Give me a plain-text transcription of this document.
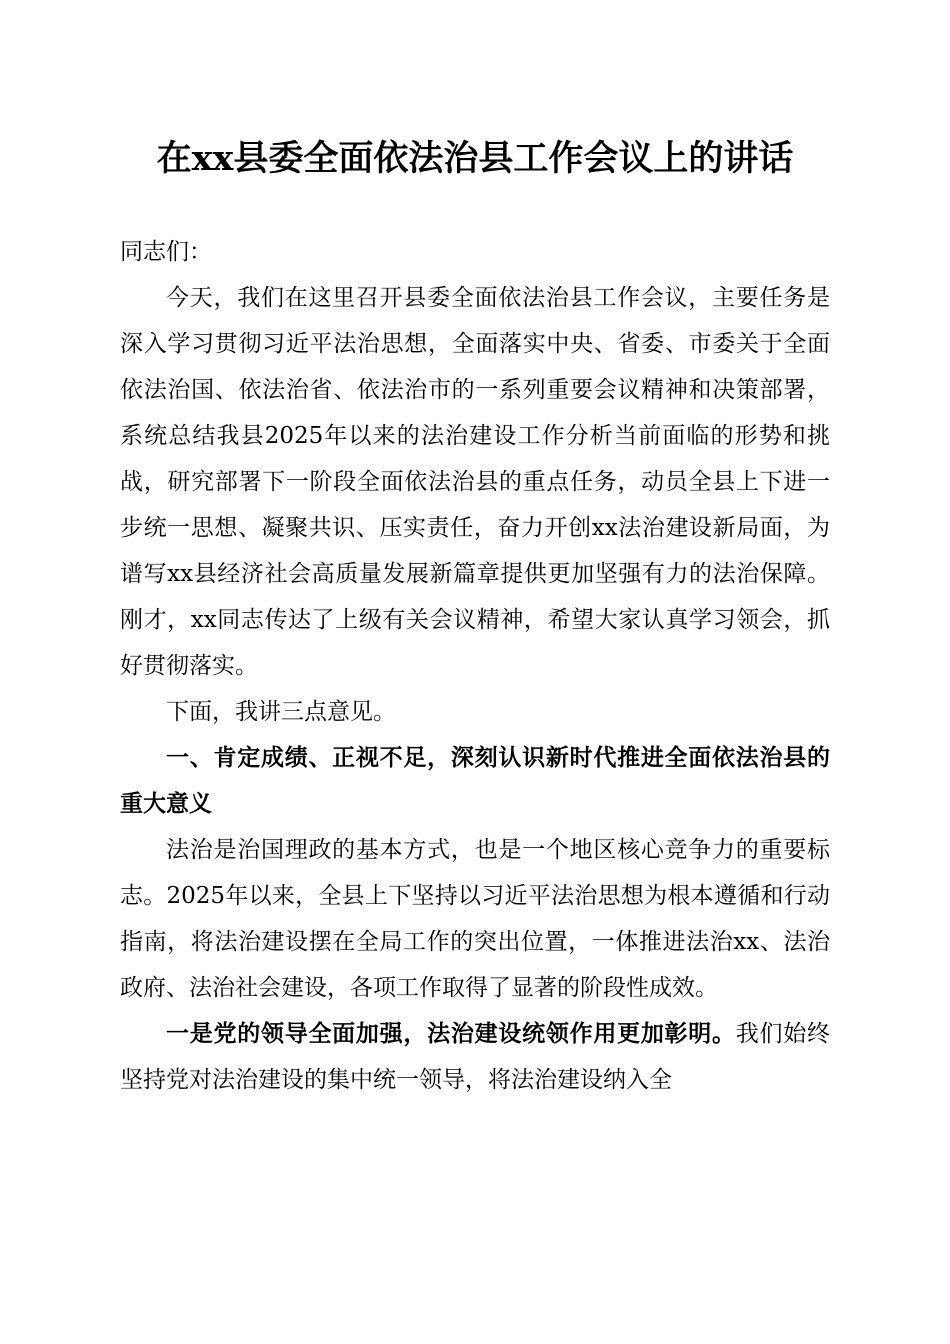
在xx县委全面依法治县工作会议上的讲话

同志们：

今天，我们在这里召开县委全面依法治县工作会议，主要任务是深入学习贯彻习近平法治思想，全面落实中央、省委、市委关于全面依法治国、依法治省、依法治市的一系列重要会议精神和决策部署，系统总结我县2025年以来的法治建设工作分析当前面临的形势和挑战，研究部署下一阶段全面依法治县的重点任务，动员全县上下进一步统一思想、凝聚共识、压实责任，奋力开创xx法治建设新局面，为谱写xx县经济社会高质量发展新篇章提供更加坚强有力的法治保障。刚才，xx同志传达了上级有关会议精神，希望大家认真学习领会，抓好贯彻落实。

下面，我讲三点意见。

一、肯定成绩、正视不足，深刻认识新时代推进全面依法治县的重大意义

法治是治国理政的基本方式，也是一个地区核心竞争力的重要标志。2025年以来，全县上下坚持以习近平法治思想为根本遵循和行动指南，将法治建设摆在全局工作的突出位置，一体推进法治xx、法治政府、法治社会建设，各项工作取得了显著的阶段性成效。

一是党的领导全面加强，法治建设统领作用更加彰明。我们始终坚持党对法治建设的集中统一领导，将法治建设纳入全
